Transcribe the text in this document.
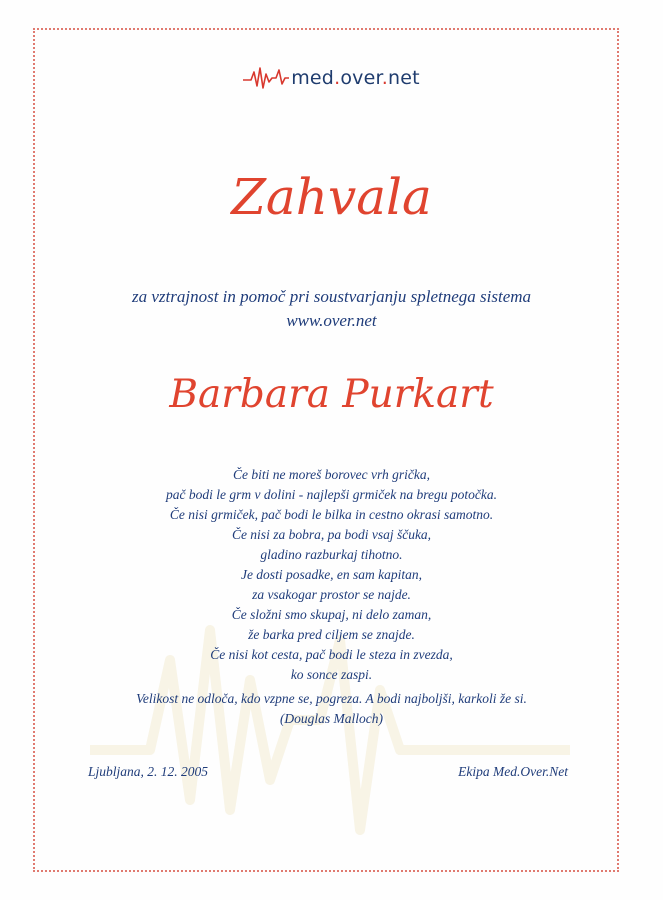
med.over.net
Zahvala
za vztrajnost in pomoč pri soustvarjanju spletnega sistema
www.over.net
Barbara Purkart
Če biti ne moreš borovec vrh grička,
pač bodi le grm v dolini - najlepši grmiček na bregu potočka.
Če nisi grmiček, pač bodi le bilka in cestno okrasi samotno.
Če nisi za bobra, pa bodi vsaj ščuka,
gladino razburkaj tihotno.
Je dosti posadke, en sam kapitan,
za vsakogar prostor se najde.
Če složni smo skupaj, ni delo zaman,
že barka pred ciljem se znajde.
Če nisi kot cesta, pač bodi le steza in zvezda,
ko sonce zaspi.
Velikost ne odloča, kdo vzpne se, pogreza. A bodi najboljši, karkoli že si.
(Douglas Malloch)
Ljubljana, 2. 12. 2005	Ekipa Med.Over.Net
